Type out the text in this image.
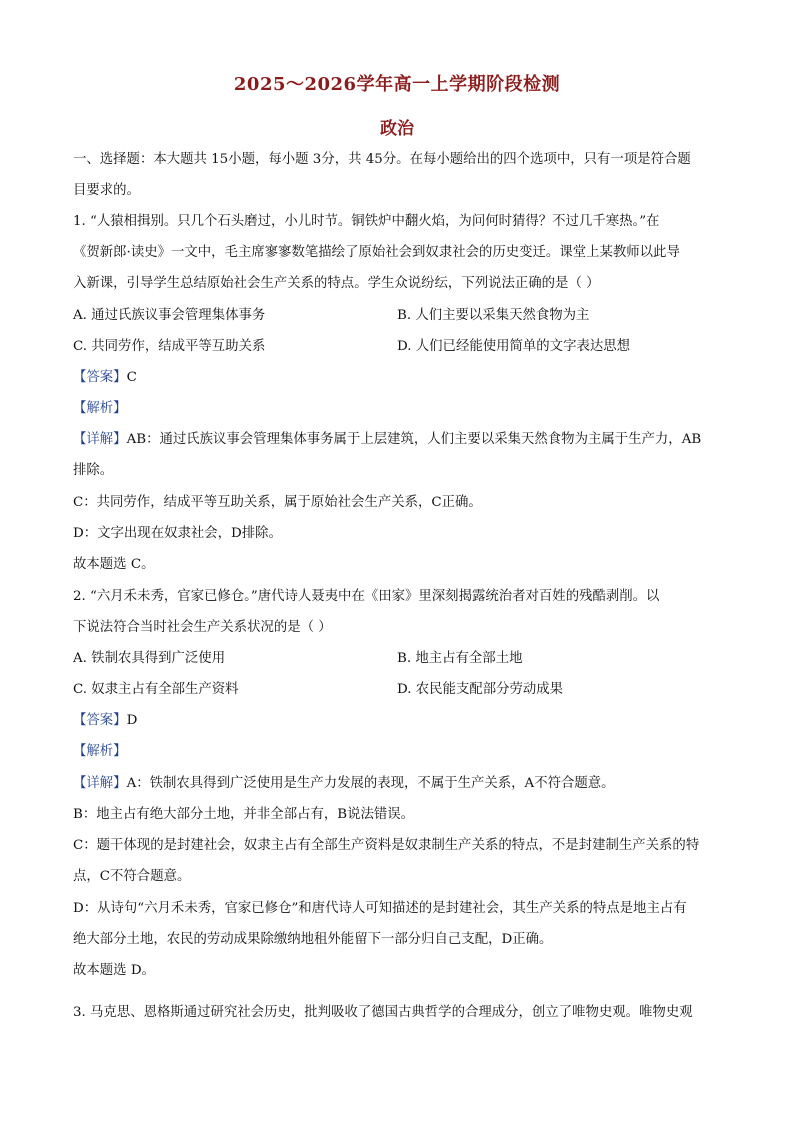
2025～2026学年高一上学期阶段检测
政治
一、选择题：本大题共 15小题，每小题 3分，共 45分。在每小题给出的四个选项中，只有一项是符合题
目要求的。
1. “人猿相揖别。只几个石头磨过，小儿时节。铜铁炉中翻火焰，为问何时猜得？不过几千寒热。”在
《贺新郎·读史》一文中，毛主席寥寥数笔描绘了原始社会到奴隶社会的历史变迁。课堂上某教师以此导
入新课，引导学生总结原始社会生产关系的特点。学生众说纷纭，下列说法正确的是（ ）
A. 通过氏族议事会管理集体事务	B. 人们主要以采集天然食物为主
C. 共同劳作，结成平等互助关系	D. 人们已经能使用简单的文字表达思想
【答案】C
【解析】
【详解】AB：通过氏族议事会管理集体事务属于上层建筑，人们主要以采集天然食物为主属于生产力，AB
排除。
C：共同劳作，结成平等互助关系，属于原始社会生产关系，C正确。
D：文字出现在奴隶社会，D排除。
故本题选 C。
2. “六月禾未秀，官家已修仓。”唐代诗人聂夷中在《田家》里深刻揭露统治者对百姓的残酷剥削。以
下说法符合当时社会生产关系状况的是（ ）
A. 铁制农具得到广泛使用	B. 地主占有全部土地
C. 奴隶主占有全部生产资料	D. 农民能支配部分劳动成果
【答案】D
【解析】
【详解】A：铁制农具得到广泛使用是生产力发展的表现，不属于生产关系，A不符合题意。
B：地主占有绝大部分土地，并非全部占有，B说法错误。
C：题干体现的是封建社会，奴隶主占有全部生产资料是奴隶制生产关系的特点，不是封建制生产关系的特
点，C不符合题意。
D：从诗句“六月禾未秀，官家已修仓”和唐代诗人可知描述的是封建社会，其生产关系的特点是地主占有
绝大部分土地，农民的劳动成果除缴纳地租外能留下一部分归自己支配，D正确。
故本题选 D。
3. 马克思、恩格斯通过研究社会历史，批判吸收了德国古典哲学的合理成分，创立了唯物史观。唯物史观
